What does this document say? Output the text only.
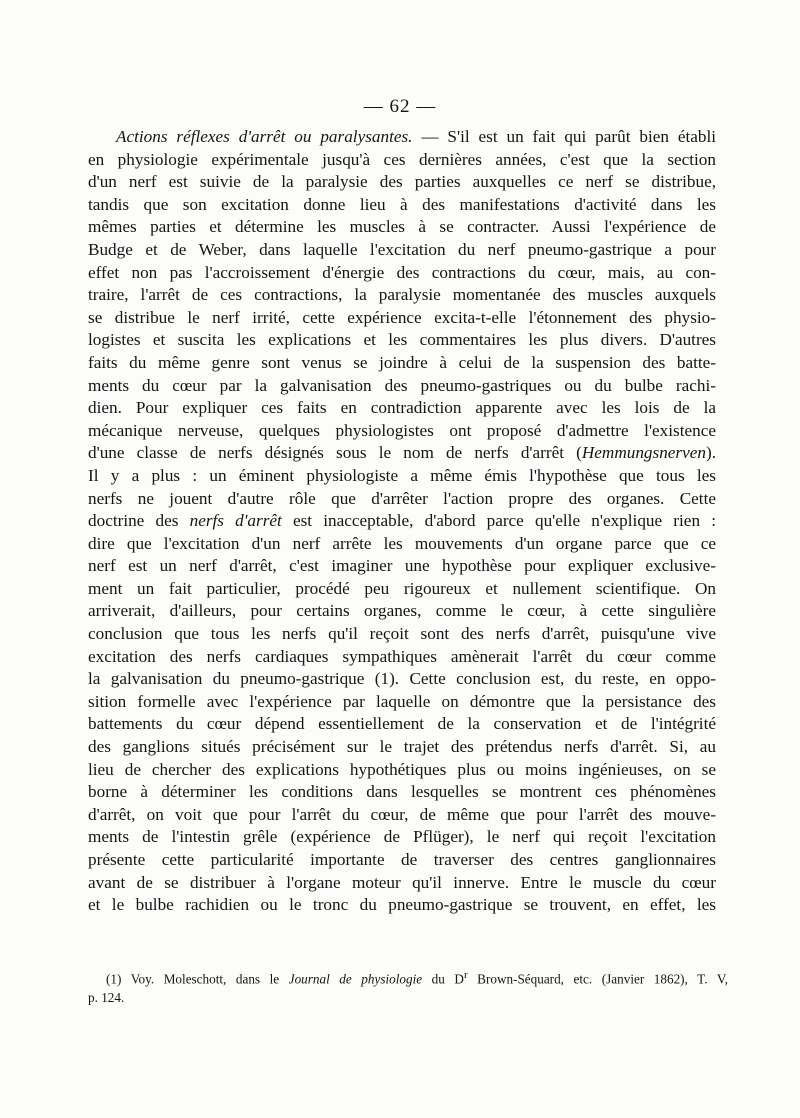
— 62 —
Actions réflexes d'arrêt ou paralysantes. — S'il est un fait qui parût bien établi
en physiologie expérimentale jusqu'à ces dernières années, c'est que la section
d'un nerf est suivie de la paralysie des parties auxquelles ce nerf se distribue,
tandis que son excitation donne lieu à des manifestations d'activité dans les
mêmes parties et détermine les muscles à se contracter. Aussi l'expérience de
Budge et de Weber, dans laquelle l'excitation du nerf pneumo-gastrique a pour
effet non pas l'accroissement d'énergie des contractions du cœur, mais, au con-
traire, l'arrêt de ces contractions, la paralysie momentanée des muscles auxquels
se distribue le nerf irrité, cette expérience excita-t-elle l'étonnement des physio-
logistes et suscita les explications et les commentaires les plus divers. D'autres
faits du même genre sont venus se joindre à celui de la suspension des batte-
ments du cœur par la galvanisation des pneumo-gastriques ou du bulbe rachi-
dien. Pour expliquer ces faits en contradiction apparente avec les lois de la
mécanique nerveuse, quelques physiologistes ont proposé d'admettre l'existence
d'une classe de nerfs désignés sous le nom de nerfs d'arrêt (Hemmungsnerven).
Il y a plus : un éminent physiologiste a même émis l'hypothèse que tous les
nerfs ne jouent d'autre rôle que d'arrêter l'action propre des organes. Cette
doctrine des nerfs d'arrêt est inacceptable, d'abord parce qu'elle n'explique rien :
dire que l'excitation d'un nerf arrête les mouvements d'un organe parce que ce
nerf est un nerf d'arrêt, c'est imaginer une hypothèse pour expliquer exclusive-
ment un fait particulier, procédé peu rigoureux et nullement scientifique. On
arriverait, d'ailleurs, pour certains organes, comme le cœur, à cette singulière
conclusion que tous les nerfs qu'il reçoit sont des nerfs d'arrêt, puisqu'une vive
excitation des nerfs cardiaques sympathiques amènerait l'arrêt du cœur comme
la galvanisation du pneumo-gastrique (1). Cette conclusion est, du reste, en oppo-
sition formelle avec l'expérience par laquelle on démontre que la persistance des
battements du cœur dépend essentiellement de la conservation et de l'intégrité
des ganglions situés précisément sur le trajet des prétendus nerfs d'arrêt. Si, au
lieu de chercher des explications hypothétiques plus ou moins ingénieuses, on se
borne à déterminer les conditions dans lesquelles se montrent ces phénomènes
d'arrêt, on voit que pour l'arrêt du cœur, de même que pour l'arrêt des mouve-
ments de l'intestin grêle (expérience de Pflüger), le nerf qui reçoit l'excitation
présente cette particularité importante de traverser des centres ganglionnaires
avant de se distribuer à l'organe moteur qu'il innerve. Entre le muscle du cœur
et le bulbe rachidien ou le tronc du pneumo-gastrique se trouvent, en effet, les
(1) Voy. Moleschott, dans le Journal de physiologie du $D^r$ Brown-Séquard, etc. (Janvier 1862), T. V,
p. 124.
